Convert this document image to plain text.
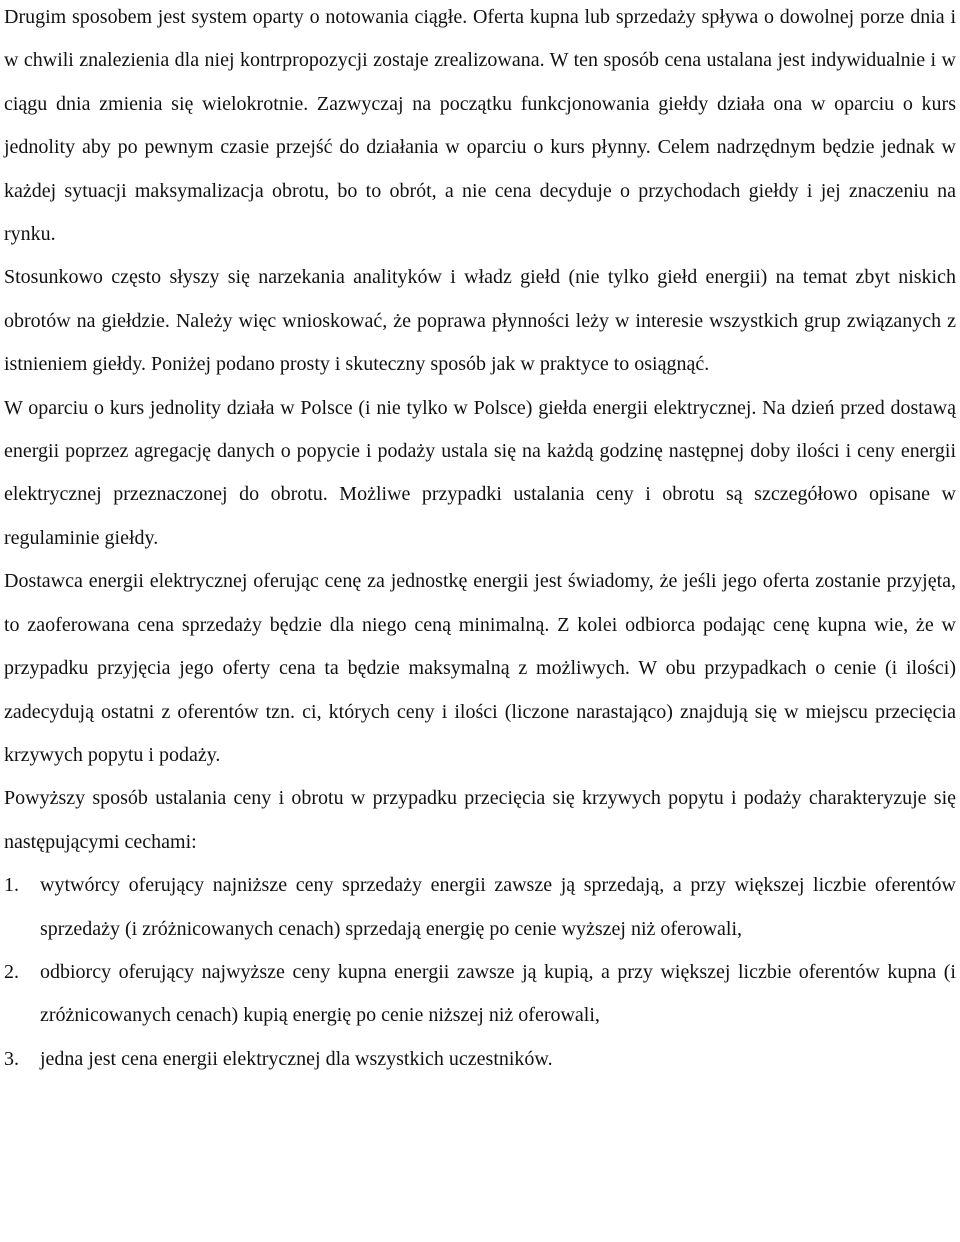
Drugim sposobem jest system oparty o notowania ciągłe. Oferta kupna lub sprzedaży spływa o dowolnej porze dnia i w chwili znalezienia dla niej kontrpropozycji zostaje zrealizowana. W ten sposób cena ustalana jest indywidualnie i w ciągu dnia zmienia się wielokrotnie. Zazwyczaj na początku funkcjonowania giełdy działa ona w oparciu o kurs jednolity aby po pewnym czasie przejść do działania w oparciu o kurs płynny. Celem nadrzędnym będzie jednak w każdej sytuacji maksymalizacja obrotu, bo to obrót, a nie cena decyduje o przychodach giełdy i jej znaczeniu na rynku.

Stosunkowo często słyszy się narzekania analityków i władz giełd (nie tylko giełd energii) na temat zbyt niskich obrotów na giełdzie. Należy więc wnioskować, że poprawa płynności leży w interesie wszystkich grup związanych z istnieniem giełdy. Poniżej podano prosty i skuteczny sposób jak w praktyce to osiągnąć.

W oparciu o kurs jednolity działa w Polsce (i nie tylko w Polsce) giełda energii elektrycznej. Na dzień przed dostawą energii poprzez agregację danych o popycie i podaży ustala się na każdą godzinę następnej doby ilości i ceny energii elektrycznej przeznaczonej do obrotu. Możliwe przypadki ustalania ceny i obrotu są szczegółowo opisane w regulaminie giełdy.

Dostawca energii elektrycznej oferując cenę za jednostkę energii jest świadomy, że jeśli jego oferta zostanie przyjęta, to zaoferowana cena sprzedaży będzie dla niego ceną minimalną. Z kolei odbiorca podając cenę kupna wie, że w przypadku przyjęcia jego oferty cena ta będzie maksymalną z możliwych. W obu przypadkach o cenie (i ilości) zadecydują ostatni z oferentów tzn. ci, których ceny i ilości (liczone narastająco) znajdują się w miejscu przecięcia krzywych popytu i podaży.

Powyższy sposób ustalania ceny i obrotu w przypadku przecięcia się krzywych popytu i podaży charakteryzuje się następującymi cechami:

1.	wytwórcy oferujący najniższe ceny sprzedaży energii zawsze ją sprzedają, a przy większej liczbie oferentów sprzedaży (i zróżnicowanych cenach) sprzedają energię po cenie wyższej niż oferowali,
2.	odbiorcy oferujący najwyższe ceny kupna energii zawsze ją kupią, a przy większej liczbie oferentów kupna (i zróżnicowanych cenach) kupią energię po cenie niższej niż oferowali,
3.	jedna jest cena energii elektrycznej dla wszystkich uczestników.
